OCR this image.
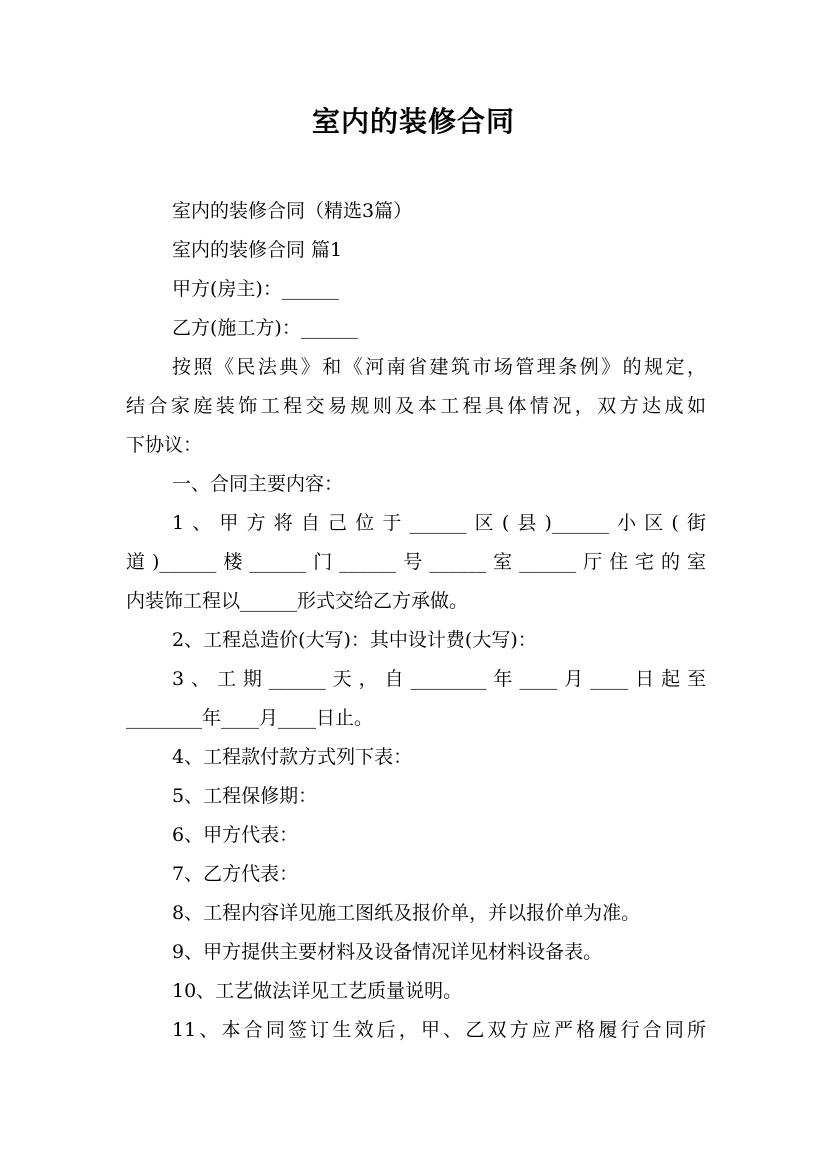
室内的装修合同
室内的装修合同（精选3篇）
室内的装修合同 篇1
甲方(房主)：______
乙方(施工方)：______
按照《民法典》和《河南省建筑市场管理条例》的规定，
结合家庭装饰工程交易规则及本工程具体情况，双方达成如
下协议：
一、合同主要内容：
1、甲方将自己位于______区(县)______小区(街
道)______楼______门______号______室______厅住宅的室
内装饰工程以______形式交给乙方承做。
2、工程总造价(大写)：其中设计费(大写)：
3、工期______天，自________年____月____日起至
________年____月____日止。
4、工程款付款方式列下表：
5、工程保修期：
6、甲方代表：
7、乙方代表：
8、工程内容详见施工图纸及报价单，并以报价单为准。
9、甲方提供主要材料及设备情况详见材料设备表。
10、工艺做法详见工艺质量说明。
11、本合同签订生效后，甲、乙双方应严格履行合同所
